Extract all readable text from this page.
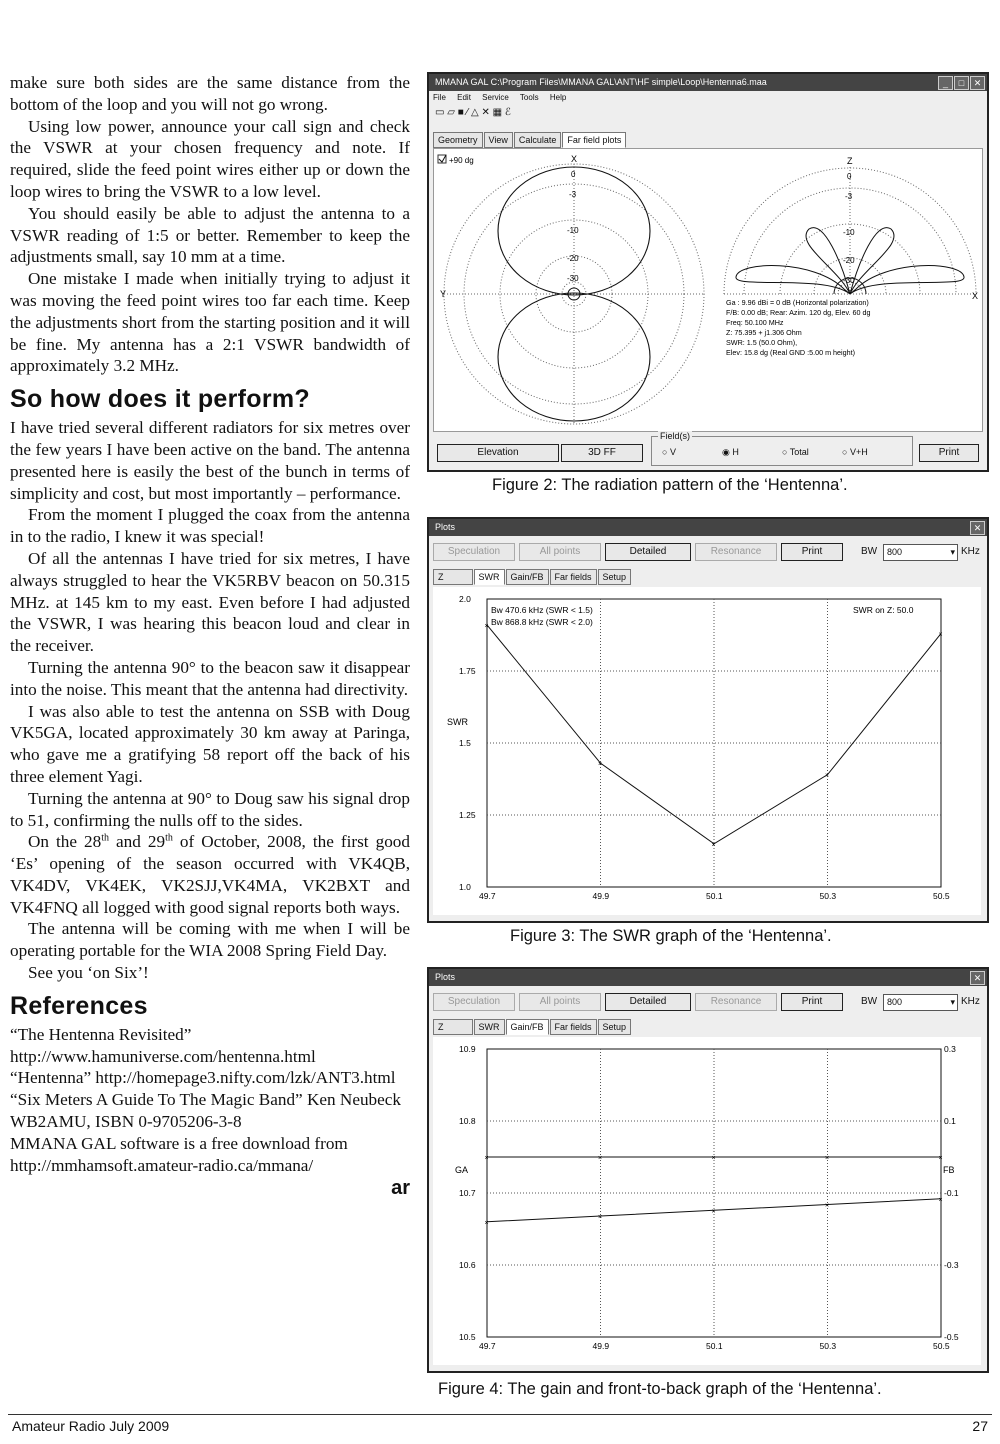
make sure both sides are the same distance from the bottom of the loop and you will not go wrong.

Using low power, announce your call sign and check the VSWR at your chosen frequency and note. If required, slide the feed point wires either up or down the loop wires to bring the VSWR to a low level.

You should easily be able to adjust the antenna to a VSWR reading of 1:5 or better. Remember to keep the adjustments small, say 10 mm at a time.

One mistake I made when initially trying to adjust it was moving the feed point wires too far each time. Keep the adjustments short from the starting position and it will be fine. My antenna has a 2:1 VSWR bandwidth of approximately 3.2 MHz.

So how does it perform?

I have tried several different radiators for six metres over the few years I have been active on the band. The antenna presented here is easily the best of the bunch in terms of simplicity and cost, but most importantly – performance.

From the moment I plugged the coax from the antenna in to the radio, I knew it was special!

Of all the antennas I have tried for six metres, I have always struggled to hear the VK5RBV beacon on 50.315 MHz. at 145 km to my east. Even before I had adjusted the VSWR, I was hearing this beacon loud and clear in the receiver.

Turning the antenna 90° to the beacon saw it disappear into the noise. This meant that the antenna had directivity.

I was also able to test the antenna on SSB with Doug VK5GA, located approximately 30 km away at Paringa, who gave me a gratifying 58 report off the back of his three element Yagi.

Turning the antenna at 90° to Doug saw his signal drop to 51, confirming the nulls off to the sides.

On the 28th and 29th of October, 2008, the first good ‘Es’ opening of the season occurred with VK4QB, VK4DV, VK4EK, VK2SJJ,VK4MA, VK2BXT and VK4FNQ all logged with good signal reports both ways.

The antenna will be coming with me when I will be operating portable for the WIA 2008 Spring Field Day.

See you ‘on Six’!

References

“The Hentenna Revisited” http://www.hamuniverse.com/hentenna.html

“Hentenna” http://homepage3.nifty.com/lzk/ANT3.html

“Six Meters A Guide To The Magic Band” Ken Neubeck WB2AMU, ISBN 0-9705206-3-8

MMANA GAL software is a free download from http://mmhamsoft.amateur-radio.ca/mmana/

ar

MMANA GAL C:\Program Files\MMANA GAL\ANT\HF simple\Loop\Hentenna6.maa	_	□	✕
File Edit Service Tools Help
▭ ▱ ■ ⁄ △ ✕ ▦ ℰ
Geometry View Calculate Far field plots
+90 dg	X
Y
0
-3
-10
-20
-30
Z
X
0
-3
-10
-20
-30
Ga : 9.96 dBi = 0 dB (Horizontal polarization)
F/B: 0.00 dB; Rear: Azim. 120 dg, Elev. 60 dg
Freq: 50.100 MHz
Z: 75.395 + j1.306 Ohm
SWR: 1.5 (50.0 Ohm),
Elev: 15.8 dg (Real GND :5.00 m height)
Elevation	3D FF
Field(s)
○ V	◉ H	○ Total	○ V+H	Print
Figure 2: The radiation pattern of the ‘Hentenna’.
Plots	✕
Speculation	All points	Detailed	Resonance	Print	BW	800	▾ KHz
Z	SWR Gain/FB Far fields Setup
SWR
Bw 470.6 kHz (SWR < 1.5)
Bw 868.8 kHz (SWR < 2.0)
SWR on Z: 50.0
49.7	49.9	50.1	50.3	50.5
2.0
1.75
1.5
1.25
1.0
×
×
×
×
×
Figure 3: The SWR graph of the ‘Hentenna’.
Plots	✕
Speculation	All points	Detailed	Resonance	Print	BW	800	▾ KHz
Z	SWR Gain/FB Far fields Setup
GA	FB
49.7	49.9	50.1	50.3	50.5
10.9
10.8
10.7
10.6
10.5
0.3
0.1
-0.1
-0.3
-0.5
×
×
×
×
×
×	×	×	×	×
Figure 4: The gain and front-to-back graph of the ‘Hentenna’.
Amateur Radio July 2009	27
